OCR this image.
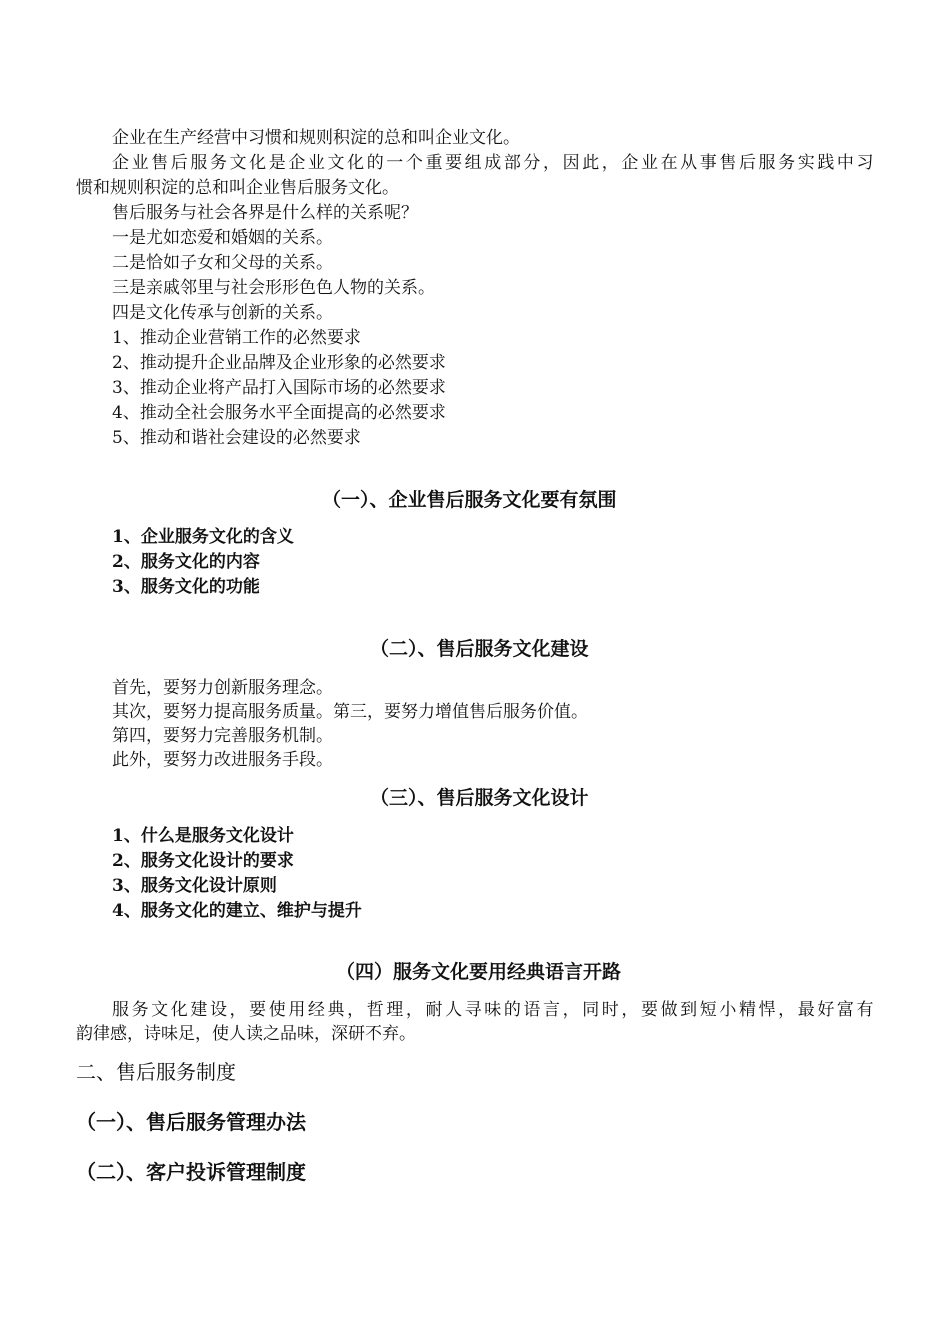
企业在生产经营中习惯和规则积淀的总和叫企业文化。
企业售后服务文化是企业文化的一个重要组成部分，因此，企业在从事售后服务实践中习
惯和规则积淀的总和叫企业售后服务文化。
售后服务与社会各界是什么样的关系呢？
一是尤如恋爱和婚姻的关系。
二是恰如子女和父母的关系。
三是亲戚邻里与社会形形色色人物的关系。
四是文化传承与创新的关系。
1、推动企业营销工作的必然要求
2、推动提升企业品牌及企业形象的必然要求
3、推动企业将产品打入国际市场的必然要求
4、推动全社会服务水平全面提高的必然要求
5、推动和谐社会建设的必然要求
（一）、企业售后服务文化要有氛围
1、企业服务文化的含义
2、服务文化的内容
3、服务文化的功能
（二）、售后服务文化建设
首先，要努力创新服务理念。
其次，要努力提高服务质量。第三，要努力增值售后服务价值。
第四，要努力完善服务机制。
此外，要努力改进服务手段。
（三）、售后服务文化设计
1、什么是服务文化设计
2、服务文化设计的要求
3、服务文化设计原则
4、服务文化的建立、维护与提升
（四）服务文化要用经典语言开路
服务文化建设，要使用经典，哲理，耐人寻味的语言，同时，要做到短小精悍，最好富有
韵律感，诗味足，使人读之品味，深研不弃。
二、售后服务制度
（一）、售后服务管理办法
（二）、客户投诉管理制度
